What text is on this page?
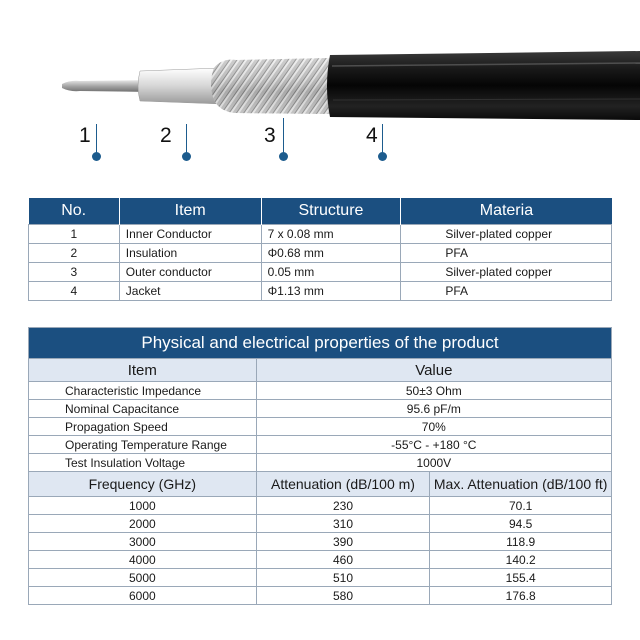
1	2	3	4
No.	Item	Structure	Materia
1	Inner Conductor	7 x 0.08 mm	Silver-plated copper
2	Insulation	Φ0.68 mm	PFA
3	Outer conductor	0.05 mm	Silver-plated copper
4	Jacket	Φ1.13 mm	PFA
Physical and electrical properties of the product		
Item	Value	
Characteristic Impedance	50±3 Ohm	
Nominal Capacitance	95.6 pF/m	
Propagation Speed	70%	
Operating Temperature Range	-55°C - +180 °C	
Test Insulation Voltage	1000V	
Frequency (GHz)	Attenuation (dB/100 m)	Max. Attenuation (dB/100 ft)
1000	230	70.1
2000	310	94.5
3000	390	118.9
4000	460	140.2
5000	510	155.4
6000	580	176.8
